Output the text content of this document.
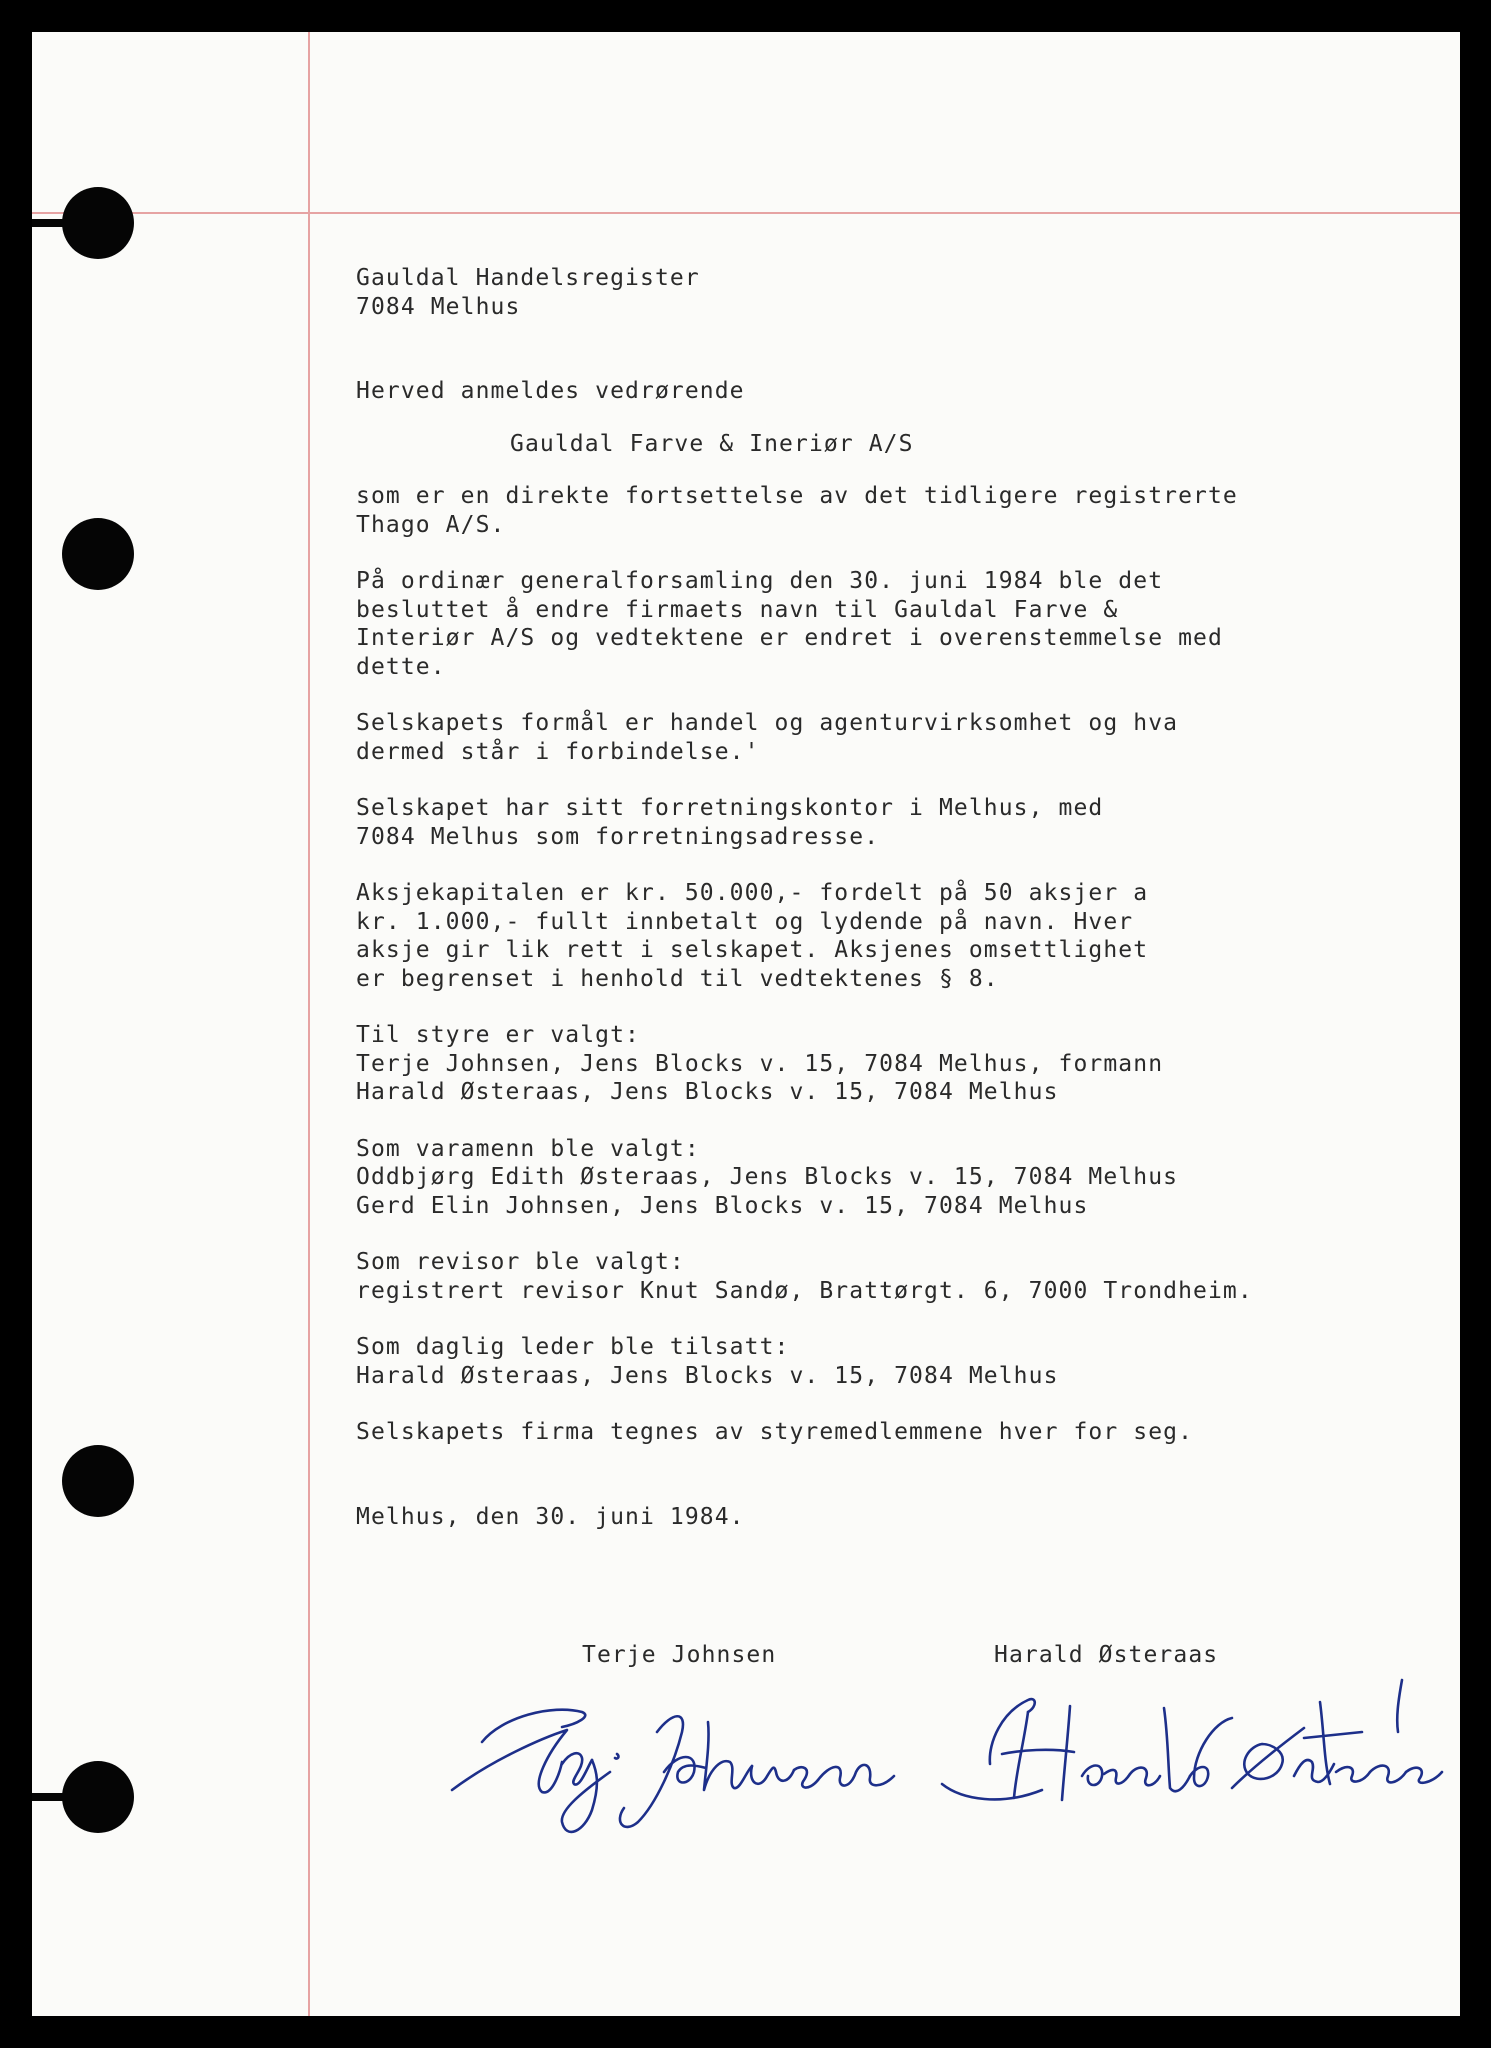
Gauldal Handelsregister
7084 Melhus
Herved anmeldes vedrørende
Gauldal Farve & Ineriør A/S
som er en direkte fortsettelse av det tidligere registrerte
Thago A/S.
På ordinær generalforsamling den 30. juni 1984 ble det
besluttet å endre firmaets navn til Gauldal Farve &
Interiør A/S og vedtektene er endret i overenstemmelse med
dette.
Selskapets formål er handel og agenturvirksomhet og hva
dermed står i forbindelse.'
Selskapet har sitt forretningskontor i Melhus, med
7084 Melhus som forretningsadresse.
Aksjekapitalen er kr. 50.000,- fordelt på 50 aksjer a
kr. 1.000,- fullt innbetalt og lydende på navn. Hver
aksje gir lik rett i selskapet. Aksjenes omsettlighet
er begrenset i henhold til vedtektenes § 8.
Til styre er valgt:
Terje Johnsen, Jens Blocks v. 15, 7084 Melhus, formann
Harald Østeraas, Jens Blocks v. 15, 7084 Melhus
Som varamenn ble valgt:
Oddbjørg Edith Østeraas, Jens Blocks v. 15, 7084 Melhus
Gerd Elin Johnsen, Jens Blocks v. 15, 7084 Melhus
Som revisor ble valgt:
registrert revisor Knut Sandø, Brattørgt. 6, 7000 Trondheim.
Som daglig leder ble tilsatt:
Harald Østeraas, Jens Blocks v. 15, 7084 Melhus
Selskapets firma tegnes av styremedlemmene hver for seg.
Melhus, den 30. juni 1984.
Terje Johnsen	Harald Østeraas
